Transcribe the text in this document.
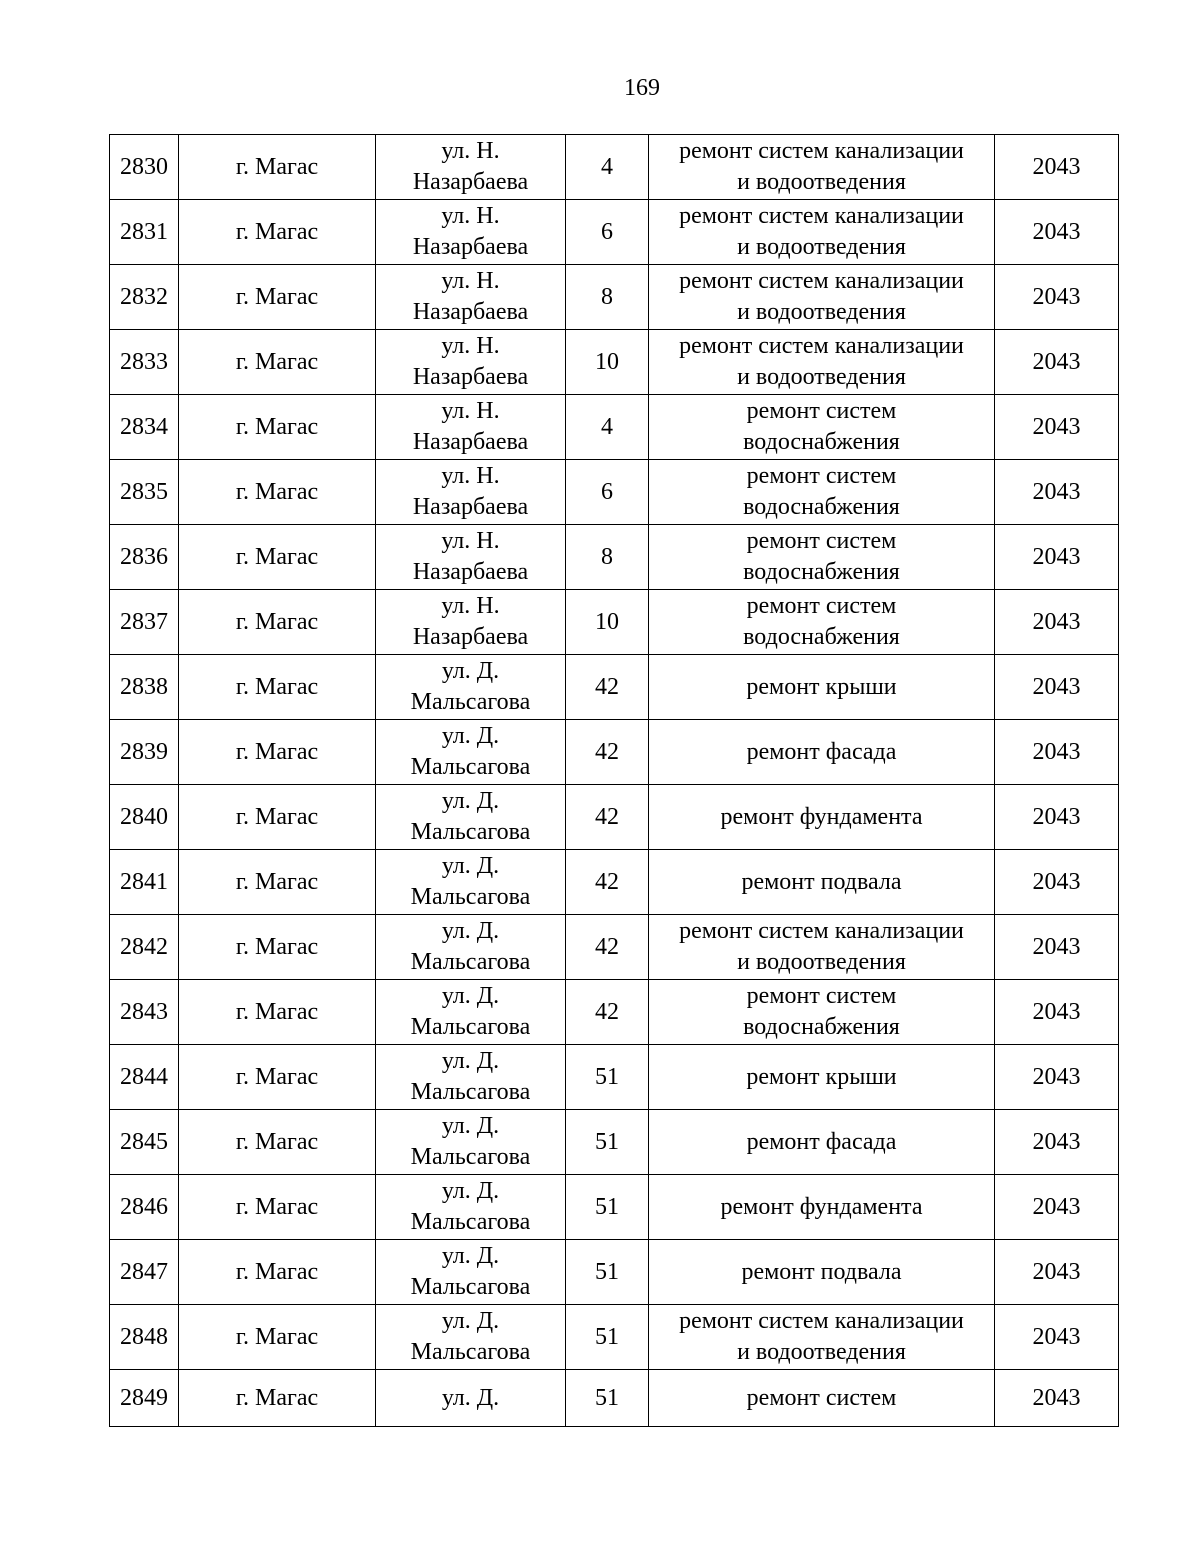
169
2830	г. Магас	ул. Н.
Назарбаева	4	ремонт систем канализации
и водоотведения	2043
2831	г. Магас	ул. Н.
Назарбаева	6	ремонт систем канализации
и водоотведения	2043
2832	г. Магас	ул. Н.
Назарбаева	8	ремонт систем канализации
и водоотведения	2043
2833	г. Магас	ул. Н.
Назарбаева	10	ремонт систем канализации
и водоотведения	2043
2834	г. Магас	ул. Н.
Назарбаева	4	ремонт систем
водоснабжения	2043
2835	г. Магас	ул. Н.
Назарбаева	6	ремонт систем
водоснабжения	2043
2836	г. Магас	ул. Н.
Назарбаева	8	ремонт систем
водоснабжения	2043
2837	г. Магас	ул. Н.
Назарбаева	10	ремонт систем
водоснабжения	2043
2838	г. Магас	ул. Д.
Мальсагова	42	ремонт крыши	2043
2839	г. Магас	ул. Д.
Мальсагова	42	ремонт фасада	2043
2840	г. Магас	ул. Д.
Мальсагова	42	ремонт фундамента	2043
2841	г. Магас	ул. Д.
Мальсагова	42	ремонт подвала	2043
2842	г. Магас	ул. Д.
Мальсагова	42	ремонт систем канализации
и водоотведения	2043
2843	г. Магас	ул. Д.
Мальсагова	42	ремонт систем
водоснабжения	2043
2844	г. Магас	ул. Д.
Мальсагова	51	ремонт крыши	2043
2845	г. Магас	ул. Д.
Мальсагова	51	ремонт фасада	2043
2846	г. Магас	ул. Д.
Мальсагова	51	ремонт фундамента	2043
2847	г. Магас	ул. Д.
Мальсагова	51	ремонт подвала	2043
2848	г. Магас	ул. Д.
Мальсагова	51	ремонт систем канализации
и водоотведения	2043
2849	г. Магас	ул. Д.	51	ремонт систем	2043
